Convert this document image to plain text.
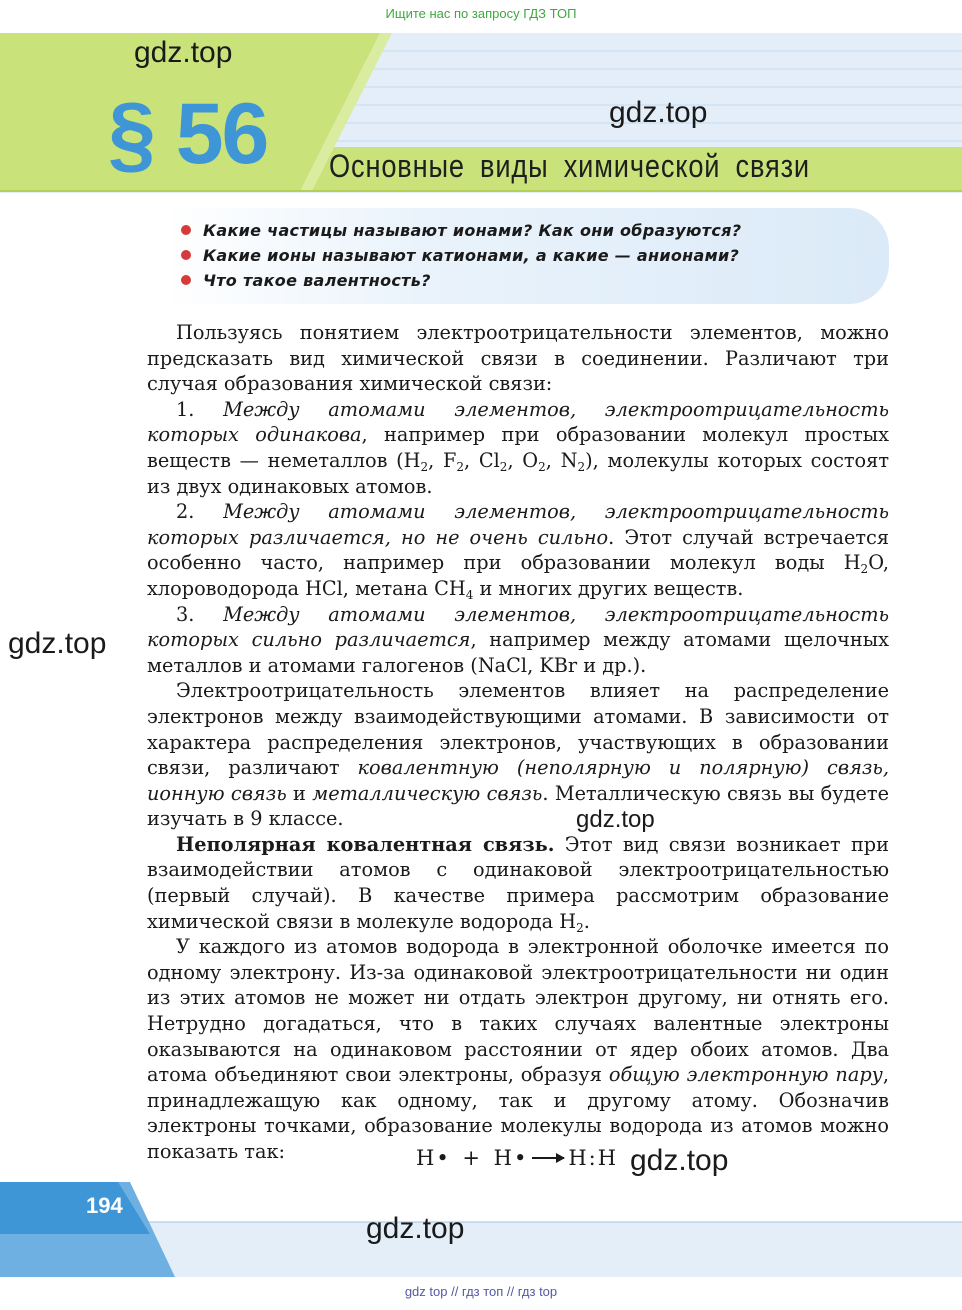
Ищите нас по запросу ГДЗ ТОП
§ 56 Основные виды химической связи
gdz.top
gdz.top
Какие частицы называют ионами? Как они образуются?
Какие ионы называют катионами, а какие — анионами?
Что такое валентность?

Пользуясь понятием электроотрицательности элементов, можно предсказать вид химической связи в соединении. Различают три случая образования химической связи:

1. Между атомами элементов, электроотрицательность которых одинакова, например при образовании молекул простых веществ — неметаллов ($H_2$, $F_2$, $Cl_2$, $O_2$, $N_2$), молекулы которых состоят из двух одинаковых атомов.

2. Между атомами элементов, электроотрицательность которых различается, но не очень сильно. Этот случай встречается особенно часто, например при образовании молекул воды $H_2O$, хлороводорода HCl, метана $CH_4$ и многих других веществ.

3. Между атомами элементов, электроотрицательность которых сильно различается, например между атомами щелочных металлов и атомами галогенов (NaCl, KBr и др.).

Электроотрицательность элементов влияет на распределение электронов между взаимодействующими атомами. В зависимости от характера распределения электронов, участвующих в образовании связи, различают ковалентную (неполярную и полярную) связь, ионную связь и металлическую связь. Металлическую связь вы будете изучать в 9 классе.

Неполярная ковалентная связь. Этот вид связи возникает при взаимодействии атомов с одинаковой электроотрицательностью (первый случай). В качестве примера рассмотрим образование химической связи в молекуле водорода $H_2$.

У каждого из атомов водорода в электронной оболочке имеется по одному электрону. Из-за одинаковой электроотрицательности ни один из этих атомов не может ни отдать электрон другому, ни отнять его. Нетрудно догадаться, что в таких случаях валентные электроны оказываются на одинаковом расстоянии от ядер обоих атомов. Два атома объединяют свои электроны, образуя общую электронную пару, принадлежащую как одному, так и другому атому. Обозначив электроны точками, образование молекулы водорода из атомов можно показать так:	H• + H• H:H
gdz.top
gdz.top
gdz.top
194
gdz.top
gdz top // гдз топ // гдз top
